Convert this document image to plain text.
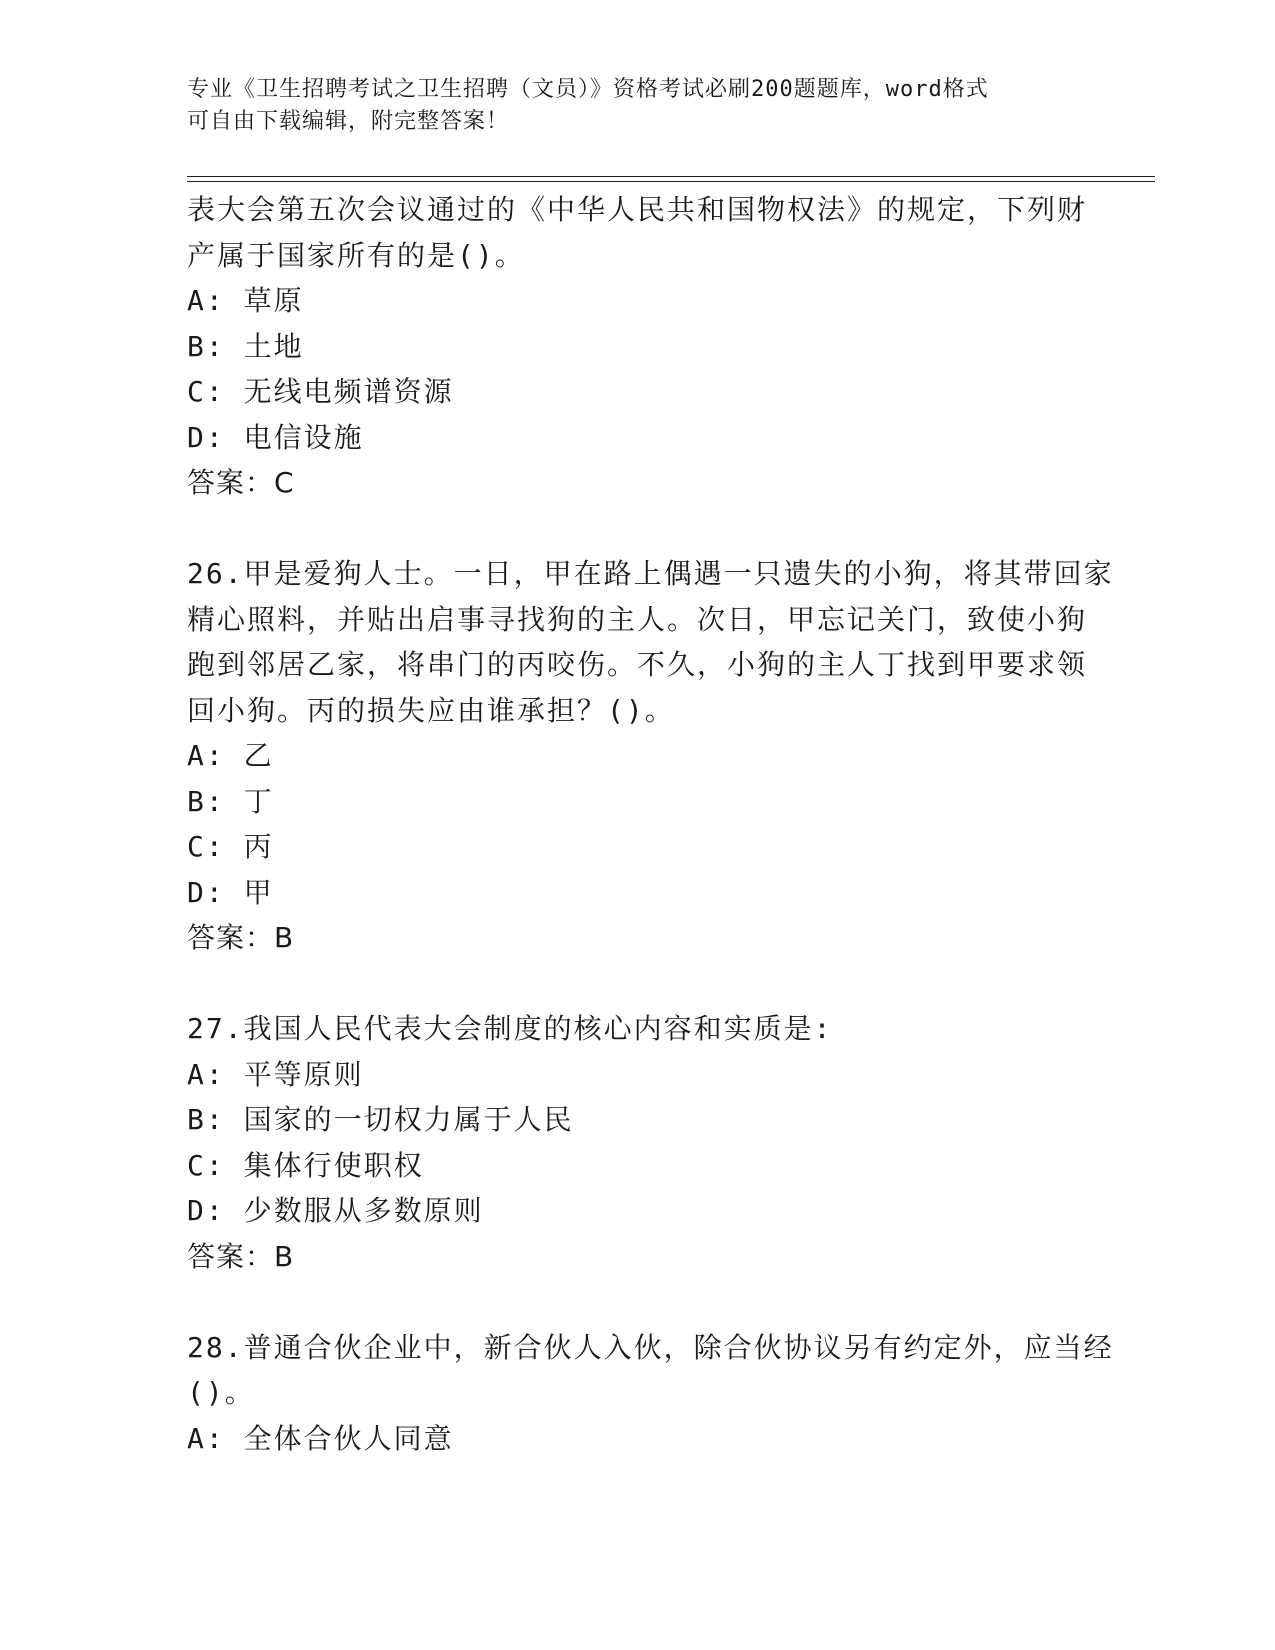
专业《卫生招聘考试之卫生招聘（文员）》资格考试必刷200题题库，word格式
可自由下载编辑，附完整答案！
表大会第五次会议通过的《中华人民共和国物权法》的规定，下列财
产属于国家所有的是()。
A: 草原
B: 土地
C: 无线电频谱资源
D: 电信设施
答案：C
26.甲是爱狗人士。一日，甲在路上偶遇一只遗失的小狗，将其带回家
精心照料，并贴出启事寻找狗的主人。次日，甲忘记关门，致使小狗
跑到邻居乙家，将串门的丙咬伤。不久，小狗的主人丁找到甲要求领
回小狗。丙的损失应由谁承担？()。
A: 乙
B: 丁
C: 丙
D: 甲
答案：B
27.我国人民代表大会制度的核心内容和实质是:
A: 平等原则
B: 国家的一切权力属于人民
C: 集体行使职权
D: 少数服从多数原则
答案：B
28.普通合伙企业中，新合伙人入伙，除合伙协议另有约定外，应当经
()。
A: 全体合伙人同意
